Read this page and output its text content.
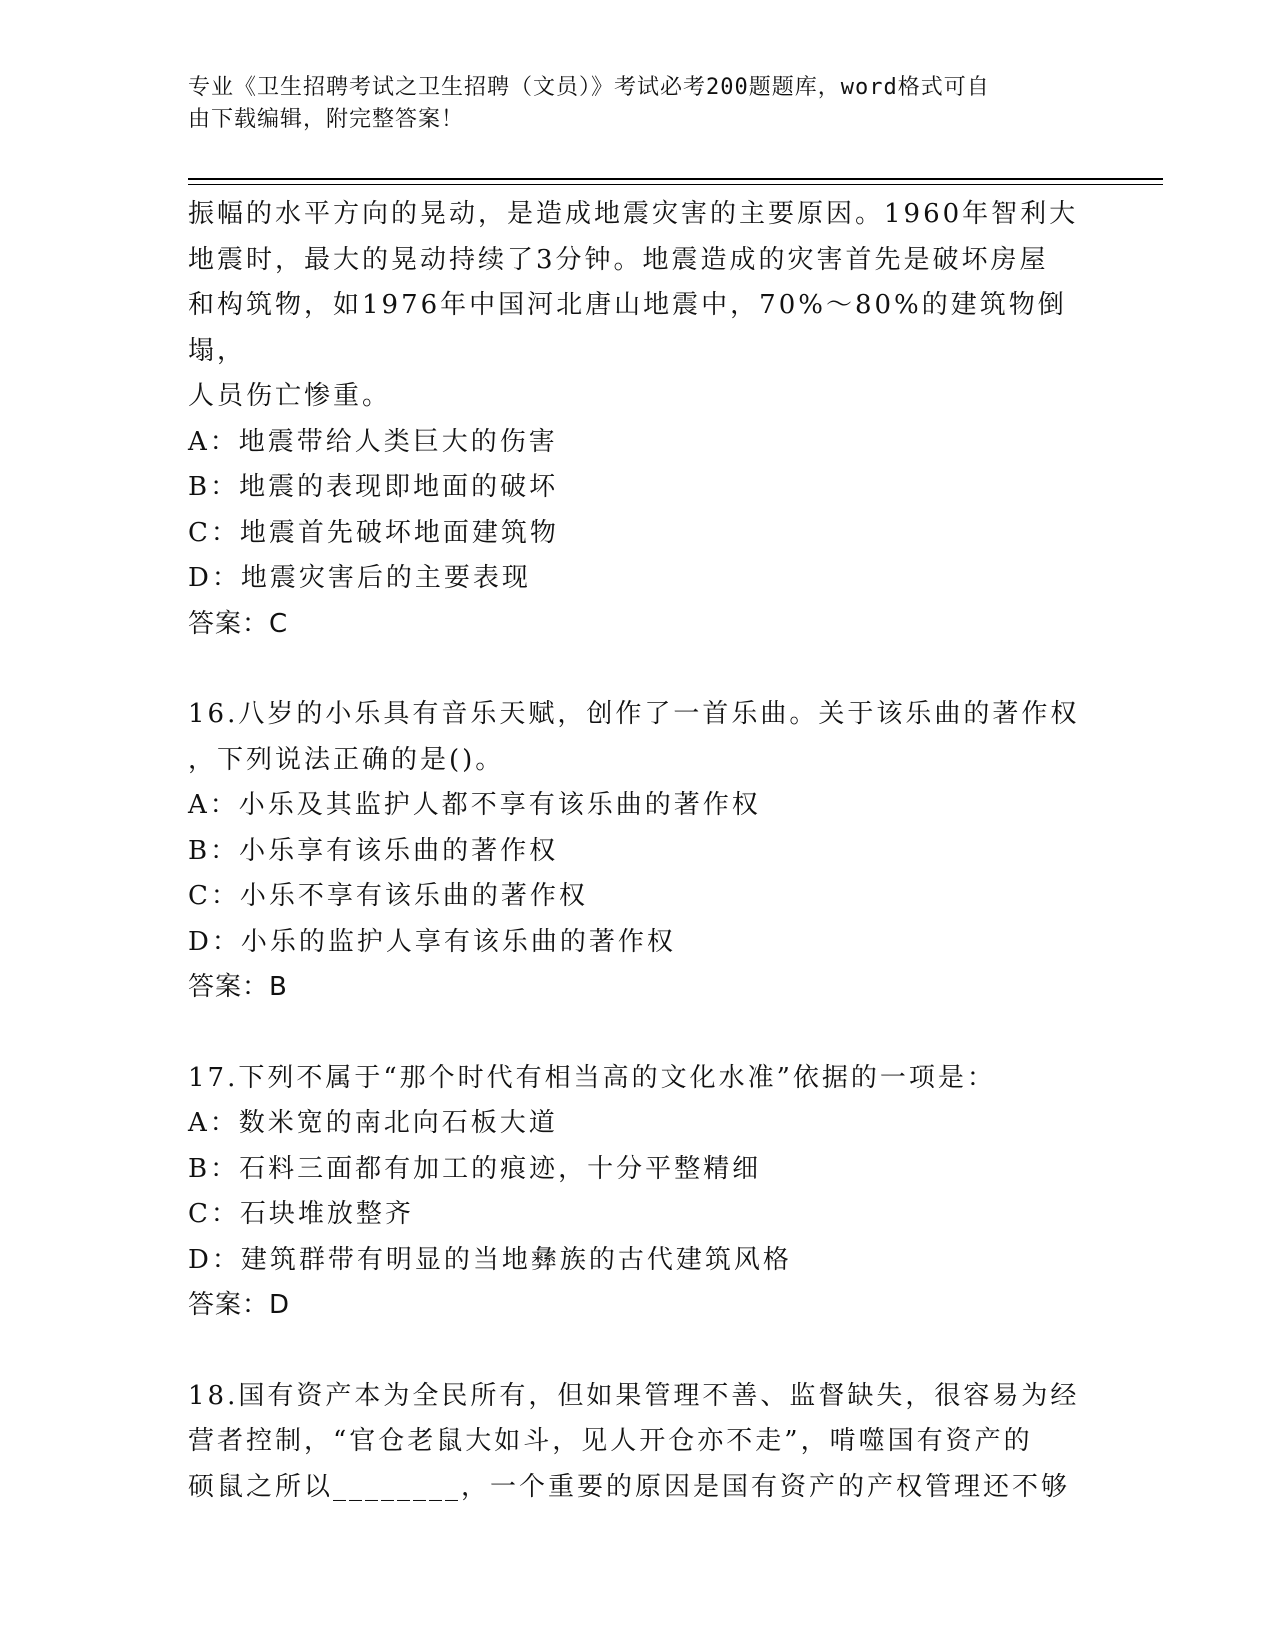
专业《卫生招聘考试之卫生招聘（文员）》考试必考200题题库，word格式可自
由下载编辑，附完整答案！

振幅的水平方向的晃动，是造成地震灾害的主要原因。1960年智利大

地震时，最大的晃动持续了3分钟。地震造成的灾害首先是破坏房屋

和构筑物，如1976年中国河北唐山地震中，70%～80%的建筑物倒塌，

人员伤亡惨重。

A：地震带给人类巨大的伤害

B：地震的表现即地面的破坏

C：地震首先破坏地面建筑物

D：地震灾害后的主要表现

答案：C

16.八岁的小乐具有音乐天赋，创作了一首乐曲。关于该乐曲的著作权

，下列说法正确的是()。

A：小乐及其监护人都不享有该乐曲的著作权

B：小乐享有该乐曲的著作权

C：小乐不享有该乐曲的著作权

D：小乐的监护人享有该乐曲的著作权

答案：B

17.下列不属于“那个时代有相当高的文化水准”依据的一项是：

A：数米宽的南北向石板大道

B：石料三面都有加工的痕迹，十分平整精细

C：石块堆放整齐

D：建筑群带有明显的当地彝族的古代建筑风格

答案：D

18.国有资产本为全民所有，但如果管理不善、监督缺失，很容易为经

营者控制，“官仓老鼠大如斗，见人开仓亦不走”，啃噬国有资产的

硕鼠之所以________，一个重要的原因是国有资产的产权管理还不够
